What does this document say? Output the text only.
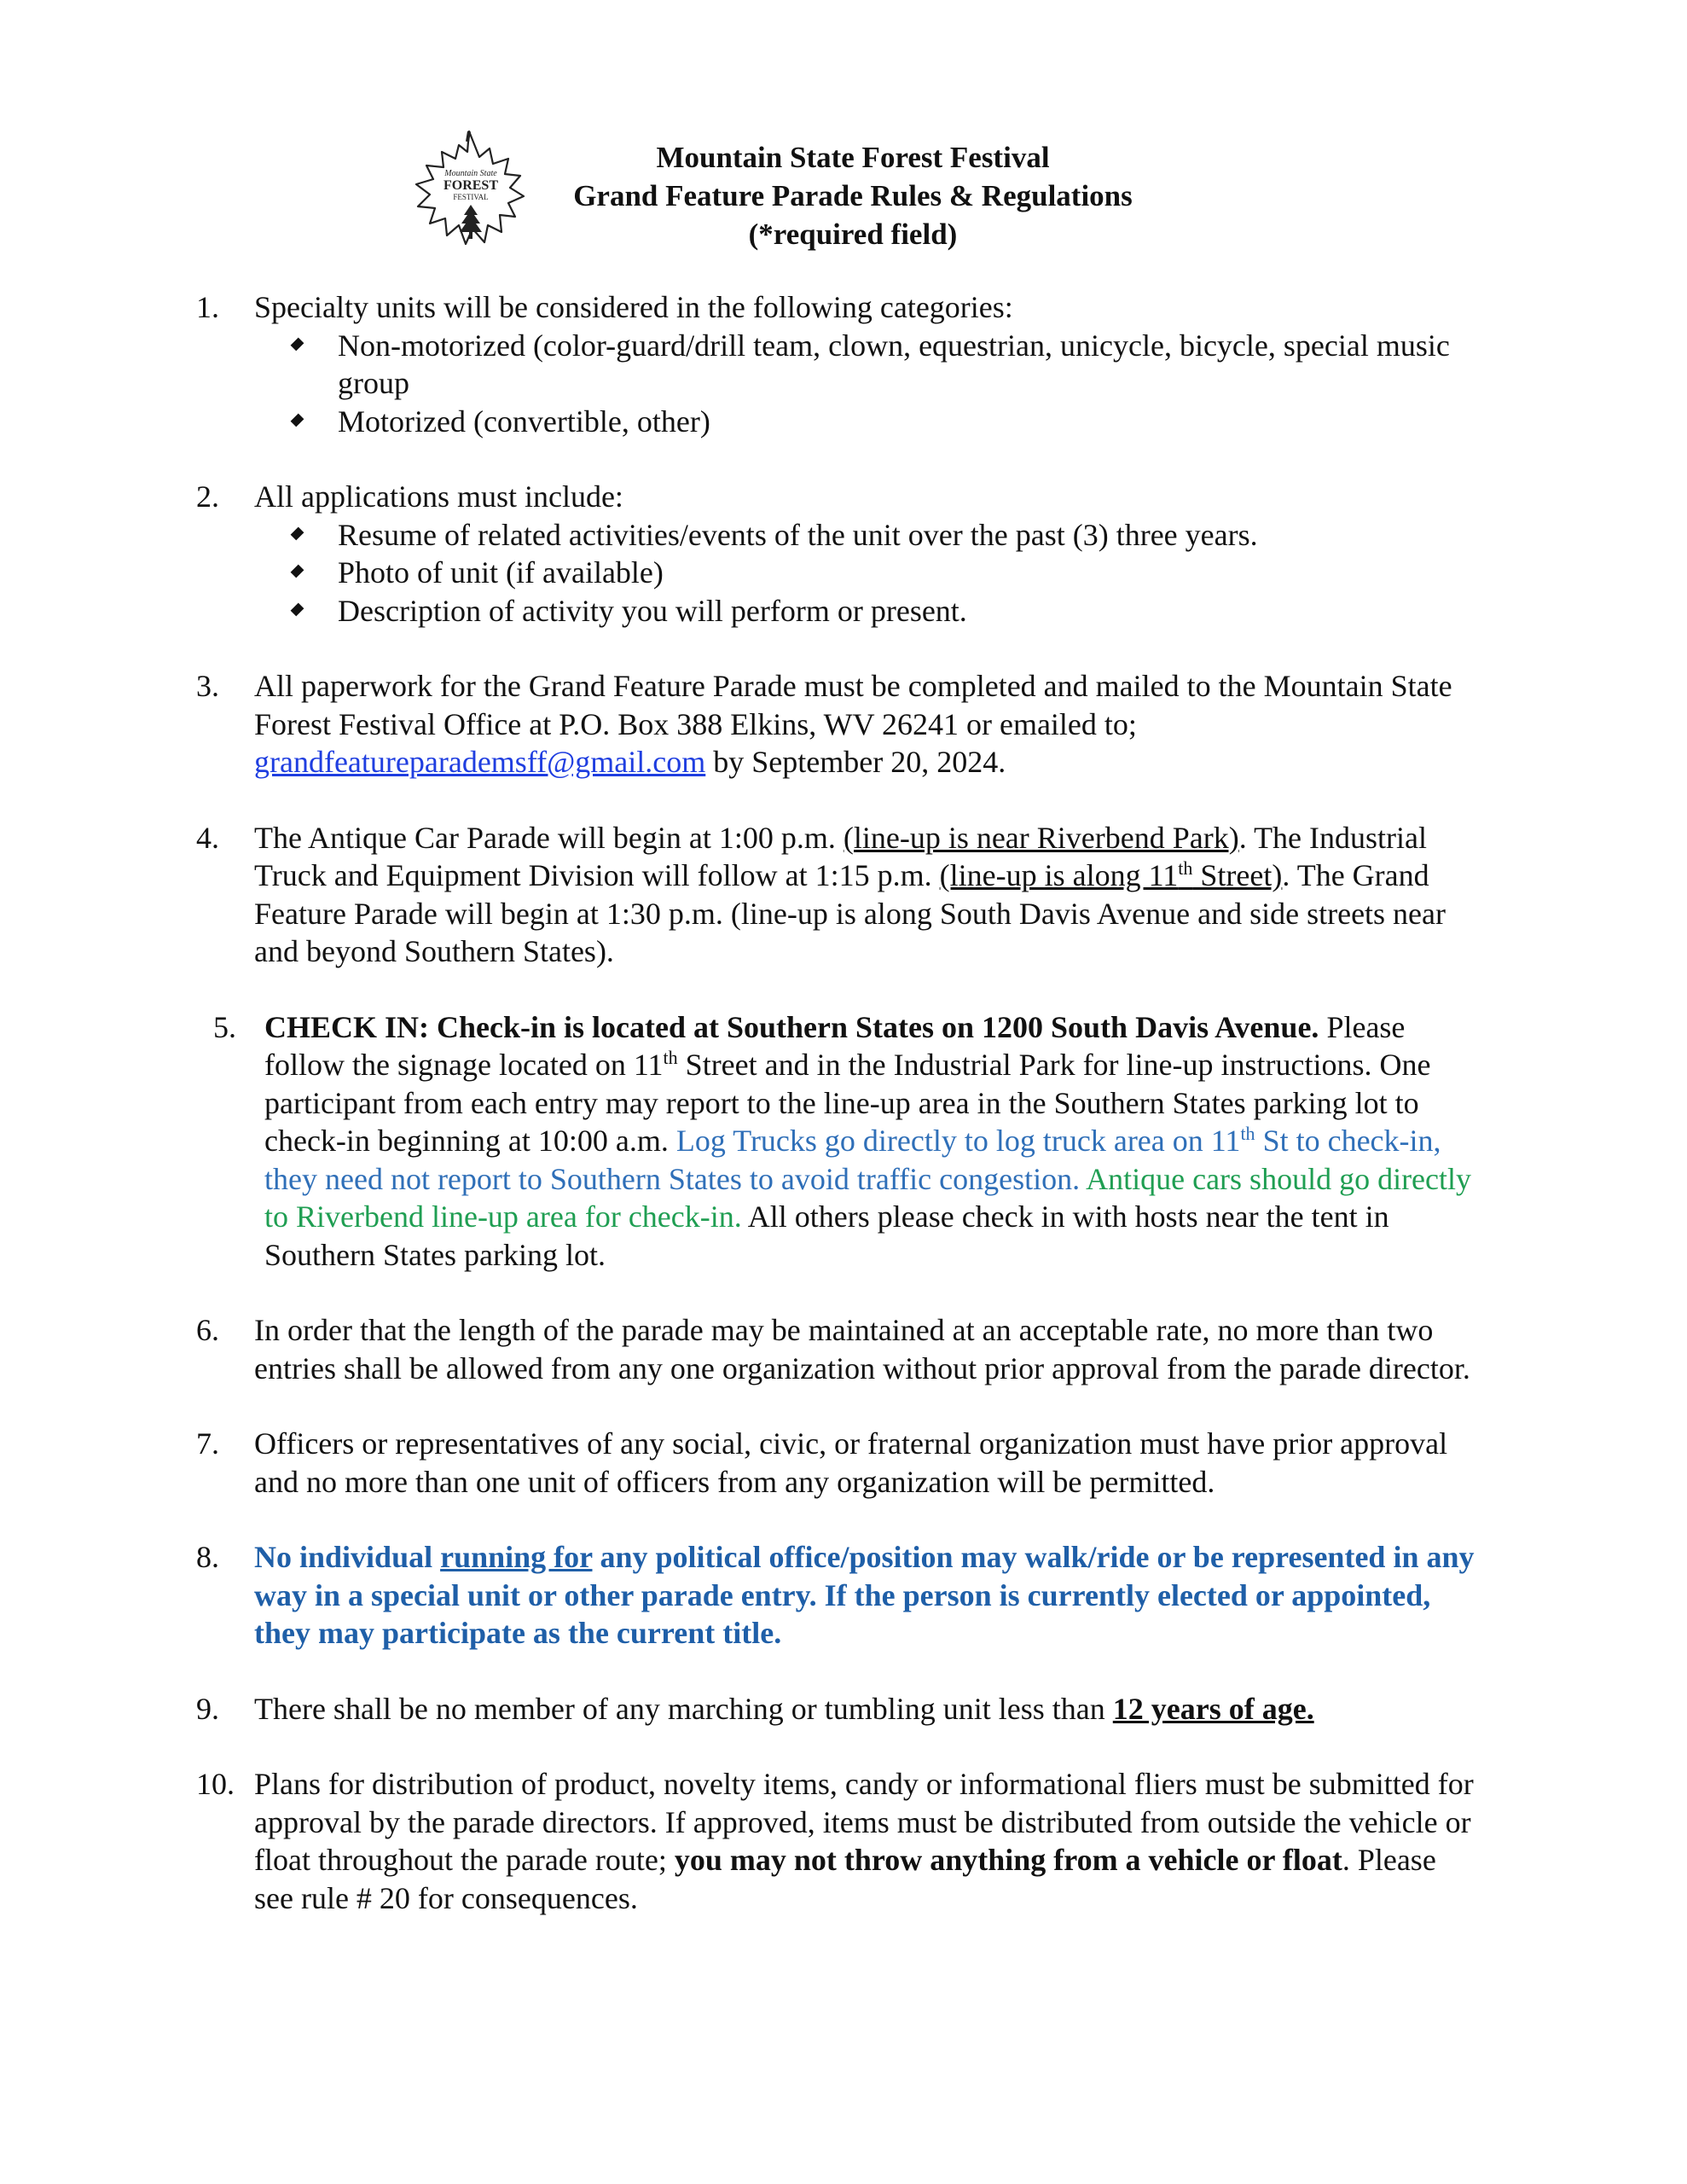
Mountain State
FOREST
FESTIVAL
Mountain State Forest Festival
Grand Feature Parade Rules & Regulations
(*required field)
1.	Specialty units will be considered in the following categories:
Non-motorized (color-guard/drill team, clown, equestrian, unicycle, bicycle, special music group
Motorized (convertible, other)
2.	All applications must include:
Resume of related activities/events of the unit over the past (3) three years.
Photo of unit (if available)
Description of activity you will perform or present.
3.	All paperwork for the Grand Feature Parade must be completed and mailed to the Mountain State Forest Festival Office at P.O. Box 388 Elkins, WV 26241 or emailed to;
grandfeatureparademsff@gmail.com by September 20, 2024.
4.	The Antique Car Parade will begin at 1:00 p.m. (line-up is near Riverbend Park). The Industrial Truck and Equipment Division will follow at 1:15 p.m. (line-up is along 11th Street). The Grand Feature Parade will begin at 1:30 p.m. (line-up is along South Davis Avenue and side streets near and beyond Southern States).
5. CHECK IN: Check-in is located at Southern States on 1200 South Davis Avenue. Please follow the signage located on 11th Street and in the Industrial Park for line-up instructions. One participant from each entry may report to the line-up area in the Southern States parking lot to check-in beginning at 10:00 a.m. Log Trucks go directly to log truck area on 11th St to check-in, they need not report to Southern States to avoid traffic congestion. Antique cars should go directly to Riverbend line-up area for check-in. All others please check in with hosts near the tent in Southern States parking lot.
6.	In order that the length of the parade may be maintained at an acceptable rate, no more than two entries shall be allowed from any one organization without prior approval from the parade director.
7.	Officers or representatives of any social, civic, or fraternal organization must have prior approval and no more than one unit of officers from any organization will be permitted.
8.	No individual running for any political office/position may walk/ride or be represented in any way in a special unit or other parade entry. If the person is currently elected or appointed, they may participate as the current title.
9.	There shall be no member of any marching or tumbling unit less than 12 years of age.
10. Plans for distribution of product, novelty items, candy or informational fliers must be submitted for approval by the parade directors. If approved, items must be distributed from outside the vehicle or float throughout the parade route; you may not throw anything from a vehicle or float. Please see rule # 20 for consequences.
